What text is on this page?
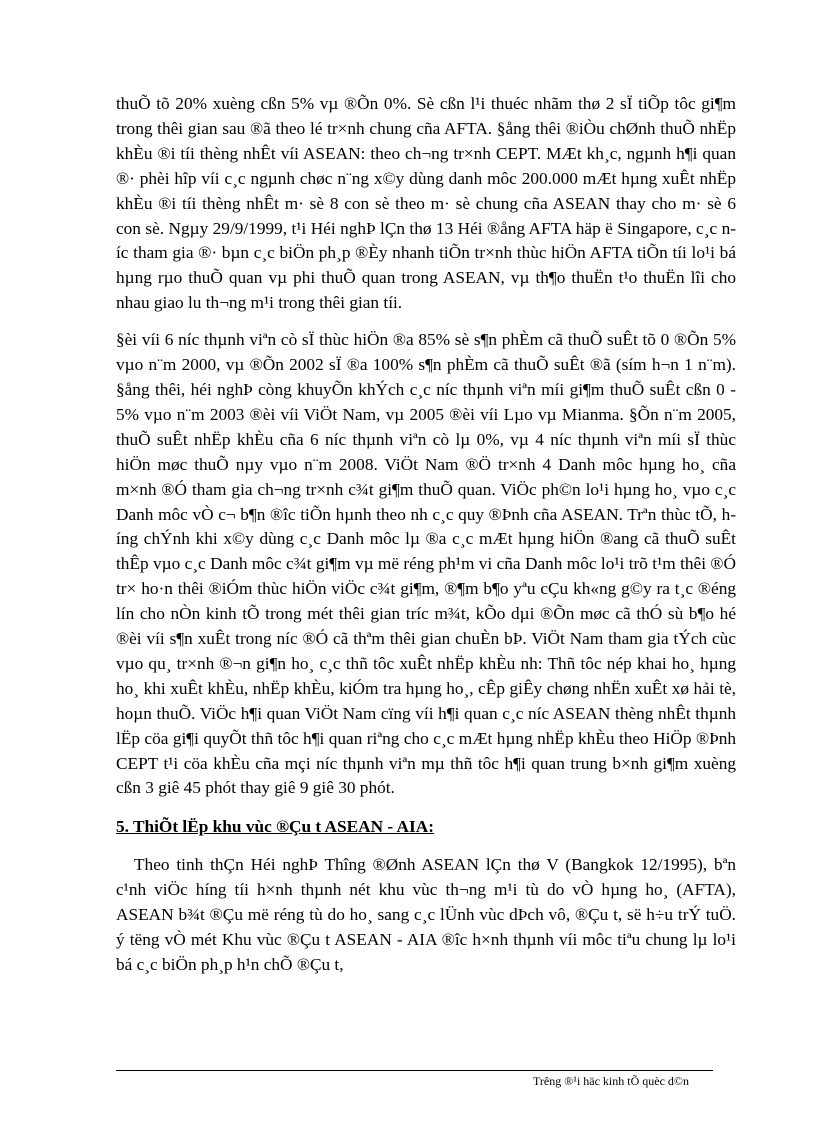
thuÕ tõ 20% xuèng cßn 5% vµ ®Õn 0%. Sè cßn l¹i thuéc nhãm thø 2 sÏ tiÕp tôc gi¶m trong thêi gian sau ®ã theo lé tr×nh chung cña AFTA. §ång thêi ®iÒu chØnh thuÕ nhËp khÈu ®i tíi thèng nhÊt víi ASEAN: theo ch¬ng tr×nh CEPT. MÆt kh¸c, ngµnh h¶i quan ®· phèi hîp víi c¸c ngµnh chøc n¨ng x©y dùng danh môc 200.000 mÆt hµng xuÊt nhËp khÈu ®i tíi thèng nhÊt m· sè 8 con sè theo m· sè chung cña ASEAN thay cho m· sè 6 con sè. Ngµy 29/9/1999, t¹i Héi nghÞ lÇn thø 13 Héi ®ång AFTA häp ë Singapore, c¸c níc tham gia ®· bµn c¸c biÖn ph¸p ®Èy nhanh tiÕn tr×nh thùc hiÖn AFTA tiÕn tíi lo¹i bá hµng rµo thuÕ quan vµ phi thuÕ quan trong ASEAN, vµ th¶o thuËn t¹o thuËn lîi cho nhau giao lu th¬ng m¹i trong thêi gian tíi.

§èi víi 6 níc thµnh viªn cò sÏ thùc hiÖn ®a 85% sè s¶n phÈm cã thuÕ suÊt tõ 0 ®Õn 5% vµo n¨m 2000, vµ ®Õn 2002 sÏ ®a 100% s¶n phÈm cã thuÕ suÊt ®ã (sím h¬n 1 n¨m). §ång thêi, héi nghÞ còng khuyÕn khÝch c¸c níc thµnh viªn míi gi¶m thuÕ suÊt cßn 0 - 5% vµo n¨m 2003 ®èi víi ViÖt Nam, vµ 2005 ®èi víi Lµo vµ Mianma. §Õn n¨m 2005, thuÕ suÊt nhËp khÈu cña 6 níc thµnh viªn cò lµ 0%, vµ 4 níc thµnh viªn míi sÏ thùc hiÖn møc thuÕ nµy vµo n¨m 2008. ViÖt Nam ®Ö tr×nh 4 Danh môc hµng ho¸ cña m×nh ®Ó tham gia ch¬ng tr×nh c¾t gi¶m thuÕ quan. ViÖc ph©n lo¹i hµng ho¸ vµo c¸c Danh môc vÒ c¬ b¶n ®îc tiÕn hµnh theo nh c¸c quy ®Þnh cña ASEAN. Trªn thùc tÕ, híng chÝnh khi x©y dùng c¸c Danh môc lµ ®a c¸c mÆt hµng hiÖn ®ang cã thuÕ suÊt thÊp vµo c¸c Danh môc c¾t gi¶m vµ më réng ph¹m vi cña Danh môc lo¹i trõ t¹m thêi ®Ó tr× ho·n thêi ®iÓm thùc hiÖn viÖc c¾t gi¶m, ®¶m b¶o yªu cÇu kh«ng g©y ra t¸c ®éng lín cho nÒn kinh tÕ trong mét thêi gian tríc m¾t, kÕo dµi ®Õn møc cã thÓ sù b¶o hé ®èi víi s¶n xuÊt trong níc ®Ó cã thªm thêi gian chuÈn bÞ. ViÖt Nam tham gia tÝch cùc vµo qu¸ tr×nh ®¬n gi¶n ho¸ c¸c thñ tôc xuÊt nhËp khÈu nh: Thñ tôc nép khai ho¸ hµng ho¸ khi xuÊt khÈu, nhËp khÈu, kiÓm tra hµng ho¸, cÊp giÊy chøng nhËn xuÊt xø hải tè, hoµn thuÕ. ViÖc h¶i quan ViÖt Nam cïng víi h¶i quan c¸c níc ASEAN thèng nhÊt thµnh lËp cöa gi¶i quyÕt thñ tôc h¶i quan riªng cho c¸c mÆt hµng nhËp khÈu theo HiÖp ®Þnh CEPT t¹i cöa khÈu cña mçi níc thµnh viªn mµ thñ tôc h¶i quan trung b×nh gi¶m xuèng cßn 3 giê 45 phót thay giê 9 giê 30 phót.

5. ThiÕt lËp khu vùc ®Çu t ASEAN - AIA:

Theo tinh thÇn Héi nghÞ Thîng ®Ønh ASEAN lÇn thø V (Bangkok 12/1995), bªn c¹nh viÖc híng tíi h×nh thµnh nét khu vùc th¬ng m¹i tù do vÒ hµng ho¸ (AFTA), ASEAN b¾t ®Çu më réng tù do ho¸ sang c¸c lÜnh vùc dÞch vô, ®Çu t, së h÷u trÝ tuÖ. ý tëng vÒ mét Khu vùc ®Çu t ASEAN - AIA ®îc h×nh thµnh víi môc tiªu chung lµ lo¹i bá c¸c biÖn ph¸p h¹n chÕ ®Çu t,

Trêng ®¹i häc kinh tÕ quèc d©n
